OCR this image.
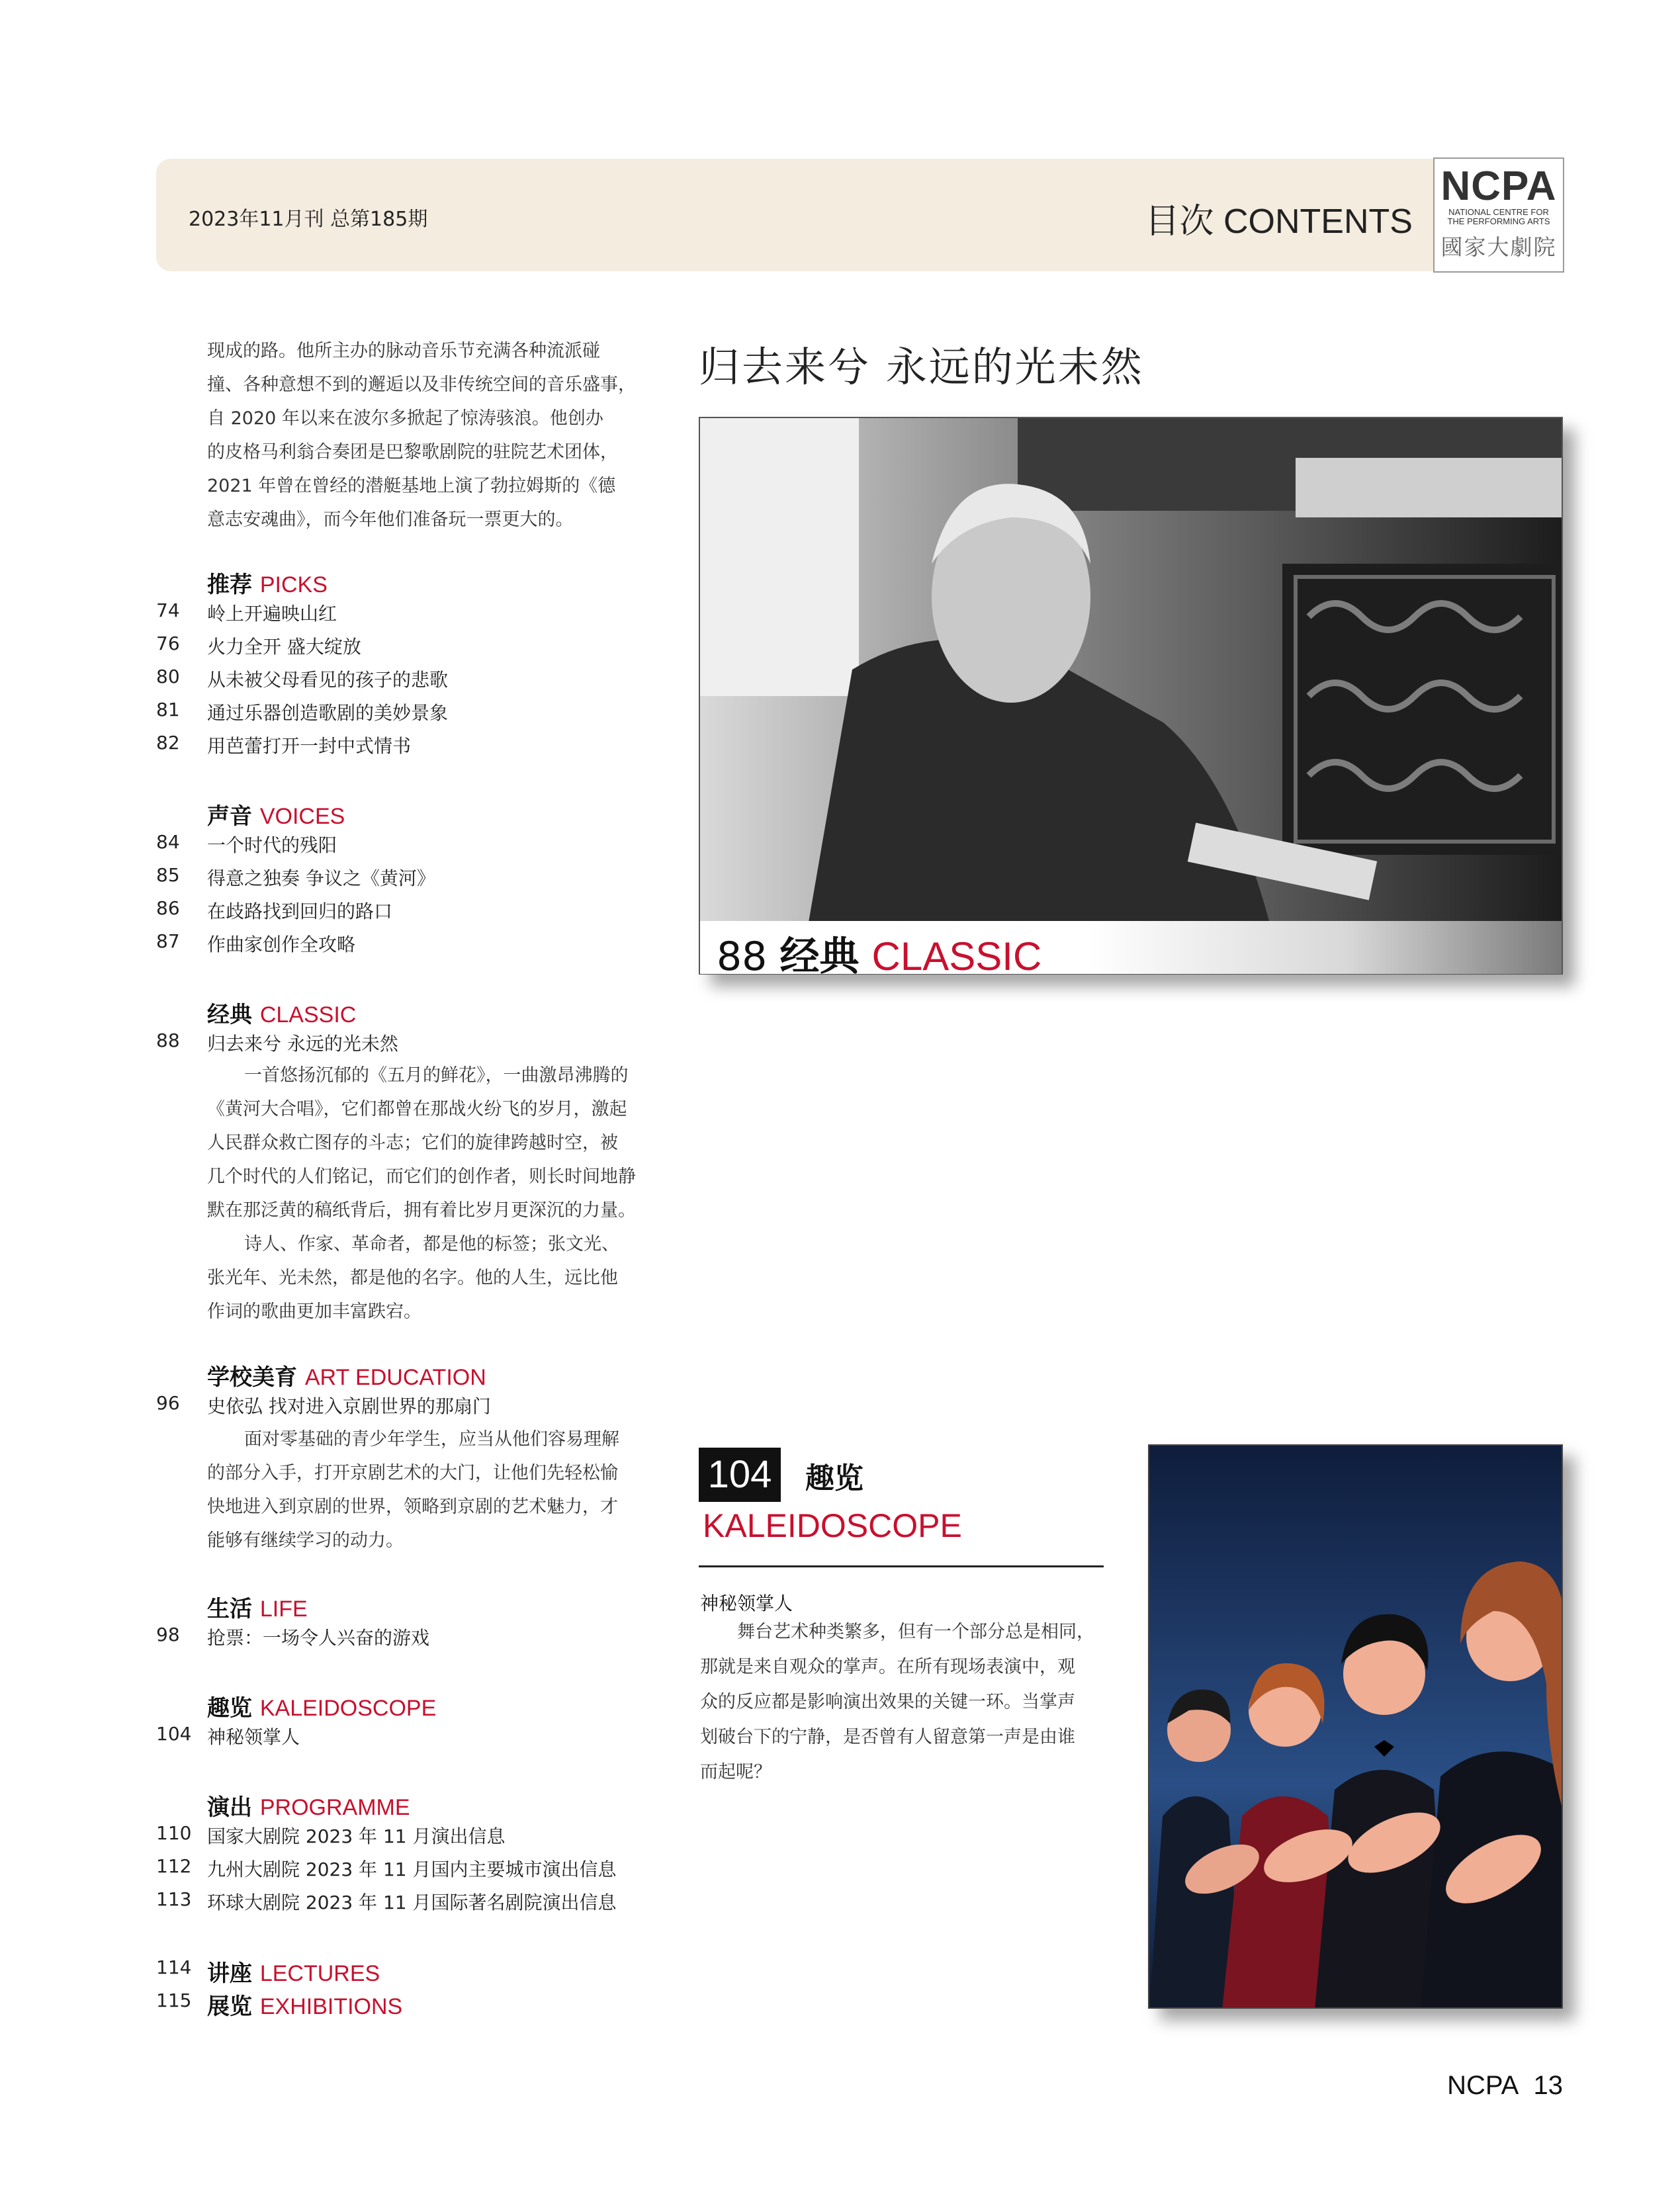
2023年11月刊 总第185期	目次 CONTENTS
NCPA
NATIONAL CENTRE FOR THE PERFORMING ARTS
國家大劇院
现成的路。他所主办的脉动音乐节充满各种流派碰
撞、各种意想不到的邂逅以及非传统空间的音乐盛事，
自 2020 年以来在波尔多掀起了惊涛骇浪。他创办
的皮格马利翁合奏团是巴黎歌剧院的驻院艺术团体，
2021 年曾在曾经的潜艇基地上演了勃拉姆斯的《德
意志安魂曲》，而今年他们准备玩一票更大的。
推荐 PICKS
74 岭上开遍映山红
76 火力全开 盛大绽放
80 从未被父母看见的孩子的悲歌
81 通过乐器创造歌剧的美妙景象
82 用芭蕾打开一封中式情书
声音 VOICES
84 一个时代的残阳
85 得意之独奏 争议之《黄河》
86 在歧路找到回归的路口
87 作曲家创作全攻略
经典 CLASSIC
88 归去来兮 永远的光未然
一首悠扬沉郁的《五月的鲜花》，一曲激昂沸腾的
《黄河大合唱》，它们都曾在那战火纷飞的岁月，激起
人民群众救亡图存的斗志；它们的旋律跨越时空，被
几个时代的人们铭记，而它们的创作者，则长时间地静
默在那泛黄的稿纸背后，拥有着比岁月更深沉的力量。
诗人、作家、革命者，都是他的标签；张文光、
张光年、光未然，都是他的名字。他的人生，远比他
作词的歌曲更加丰富跌宕。
学校美育 ART EDUCATION
96 史依弘 找对进入京剧世界的那扇门
面对零基础的青少年学生，应当从他们容易理解
的部分入手，打开京剧艺术的大门，让他们先轻松愉
快地进入到京剧的世界，领略到京剧的艺术魅力，才
能够有继续学习的动力。
生活 LIFE
98 抢票：一场令人兴奋的游戏
趣览 KALEIDOSCOPE
104 神秘领掌人
演出 PROGRAMME
110 国家大剧院 2023 年 11 月演出信息
112 九州大剧院 2023 年 11 月国内主要城市演出信息
113 环球大剧院 2023 年 11 月国际著名剧院演出信息
114 讲座 LECTURES
115 展览 EXHIBITIONS
归去来兮 永远的光未然
88 经典 CLASSIC
104	趣览
KALEIDOSCOPE
神秘领掌人
舞台艺术种类繁多，但有一个部分总是相同，
那就是来自观众的掌声。在所有现场表演中，观
众的反应都是影响演出效果的关键一环。当掌声
划破台下的宁静，是否曾有人留意第一声是由谁
而起呢？
NCPA 13
